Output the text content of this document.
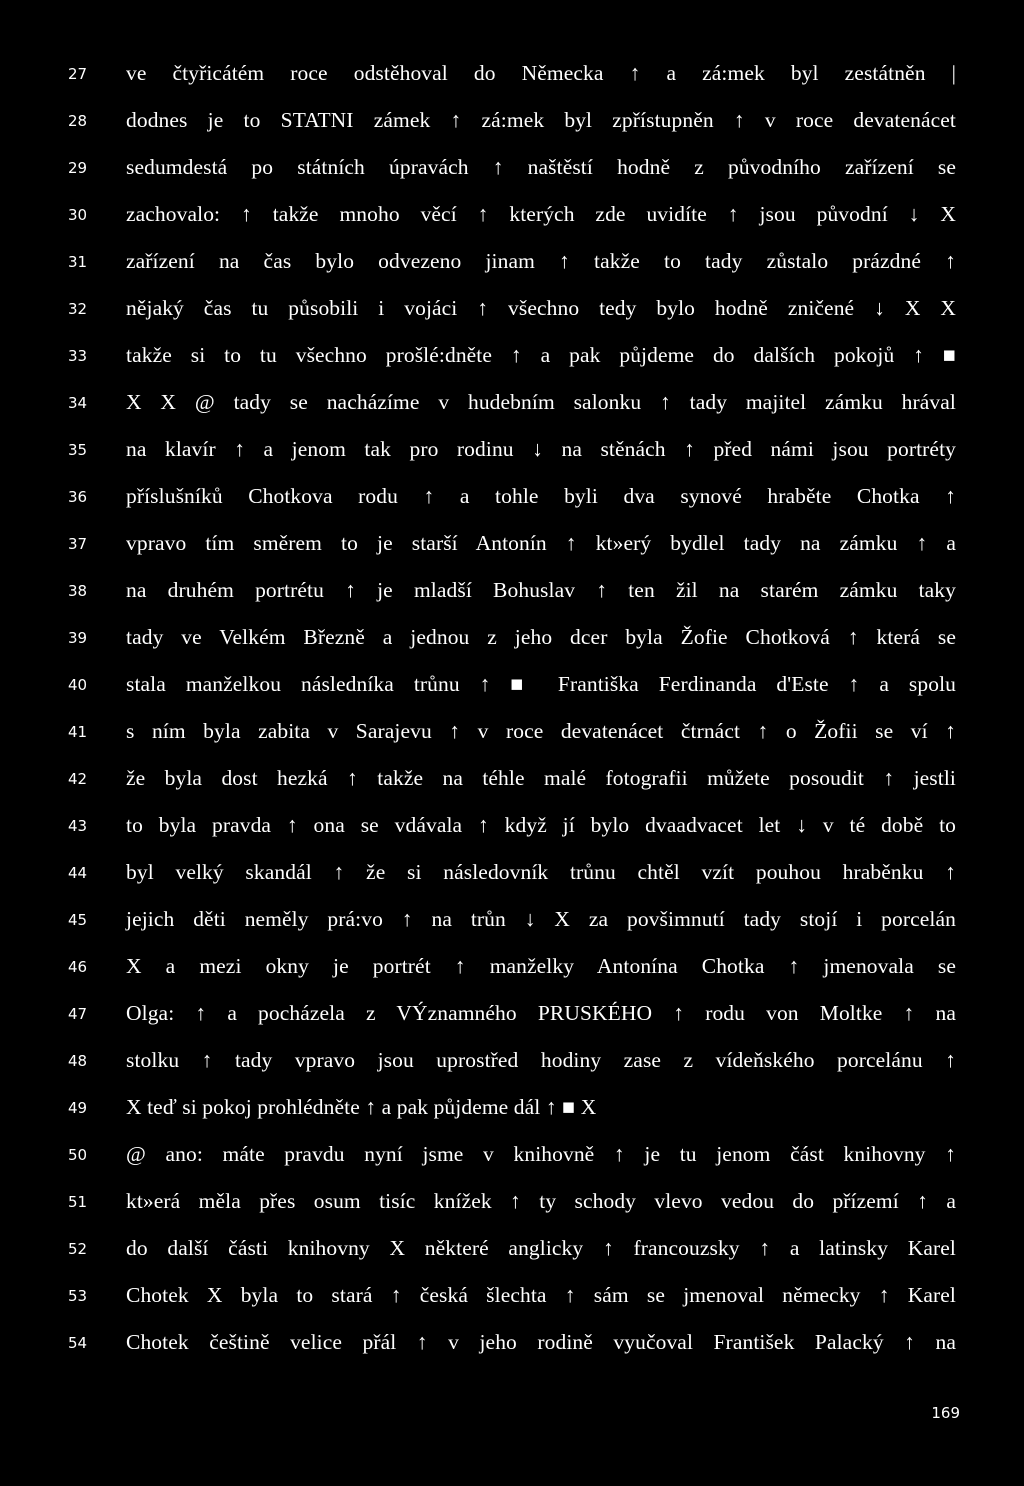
27	ve čtyřicátém roce odstěhoval do Německa ↑ a zá:mek byl zestátněn |
28	dodnes je to STATNI zámek ↑ zá:mek byl zpřístupněn ↑ v roce devatenácet
29	sedumdestá po státních úpravách ↑ naštěstí hodně z původního zařízení se
30	zachovalo: ↑ takže mnoho věcí ↑ kterých zde uvidíte ↑ jsou původní ↓ X
31	zařízení na čas bylo odvezeno jinam ↑ takže to tady zůstalo prázdné ↑
32	nějaký čas tu působili i vojáci ↑ všechno tedy bylo hodně zničené ↓ X X
33	takže si to tu všechno prošlé:dněte ↑ a pak půjdeme do dalších pokojů ↑ ■
34	X X @ tady se nacházíme v hudebním salonku ↑ tady majitel zámku hrával
35	na klavír ↑ a jenom tak pro rodinu ↓ na stěnách ↑ před námi jsou portréty
36	příslušníků Chotkova rodu ↑ a tohle byli dva synové hraběte Chotka ↑
37	vpravo tím směrem to je starší Antonín ↑ kt»erý bydlel tady na zámku ↑ a
38	na druhém portrétu ↑ je mladší Bohuslav ↑ ten žil na starém zámku taky
39	tady ve Velkém Březně a jednou z jeho dcer byla Žofie Chotková ↑ která se
40	stala manželkou následníka trůnu ↑ ■ Františka Ferdinanda d'Este ↑ a spolu
41	s ním byla zabita v Sarajevu ↑ v roce devatenácet čtrnáct ↑ o Žofii se ví ↑
42	že byla dost hezká ↑ takže na téhle malé fotografii můžete posoudit ↑ jestli
43	to byla pravda ↑ ona se vdávala ↑ když jí bylo dvaadvacet let ↓ v té době to
44	byl velký skandál ↑ že si následovník trůnu chtěl vzít pouhou hraběnku ↑
45	jejich děti neměly prá:vo ↑ na trůn ↓ X za povšimnutí tady stojí i porcelán
46	X a mezi okny je portrét ↑ manželky Antonína Chotka ↑ jmenovala se
47	Olga: ↑ a pocházela z VÝznamného PRUSKÉHO ↑ rodu von Moltke ↑ na
48	stolku ↑ tady vpravo jsou uprostřed hodiny zase z vídeňského porcelánu ↑
49	X teď si pokoj prohlédněte ↑ a pak půjdeme dál ↑ ■ X
50	@ ano: máte pravdu nyní jsme v knihovně ↑ je tu jenom část knihovny ↑
51	kt»erá měla přes osum tisíc knížek ↑ ty schody vlevo vedou do přízemí ↑ a
52	do další části knihovny X některé anglicky ↑ francouzsky ↑ a latinsky Karel
53	Chotek X byla to stará ↑ česká šlechta ↑ sám se jmenoval německy ↑ Karel
54	Chotek češtině velice přál ↑ v jeho rodině vyučoval František Palacký ↑ na
169
